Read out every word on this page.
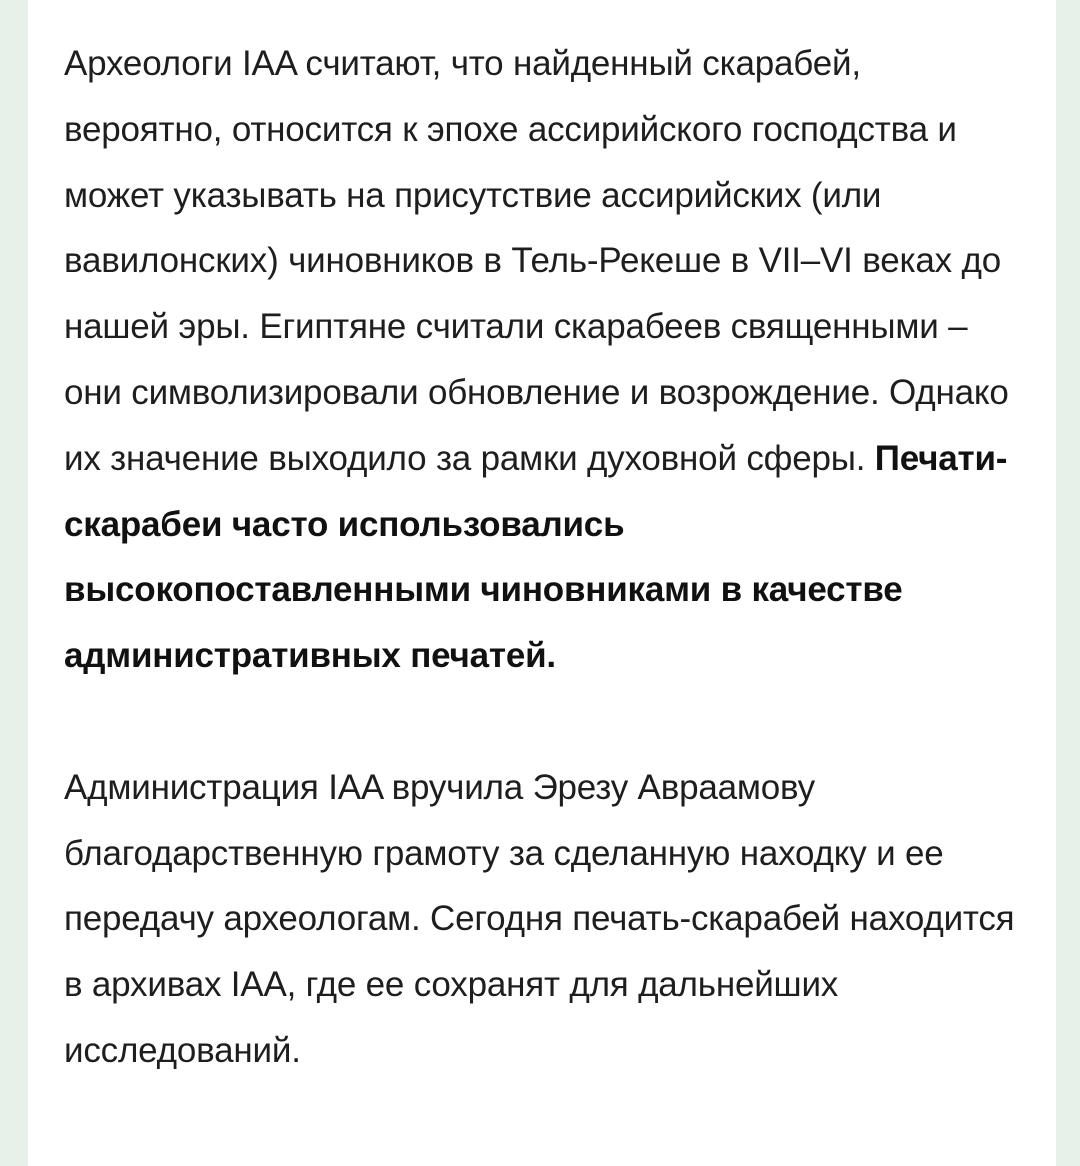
Археологи IAA считают, что найденный скарабей, вероятно, относится к эпохе ассирийского господства и может указывать на присутствие ассирийских (или вавилонских) чиновников в Тель-Рекеше в VII–VI веках до нашей эры. Египтяне считали скарабеев священными – они символизировали обновление и возрождение. Однако их значение выходило за рамки духовной сферы. Печати-скарабеи часто использовались высокопоставленными чиновниками в качестве административных печатей.

Администрация IAA вручила Эрезу Авраамову благодарственную грамоту за сделанную находку и ее передачу археологам. Сегодня печать-скарабей находится в архивах IAA, где ее сохранят для дальнейших исследований.
